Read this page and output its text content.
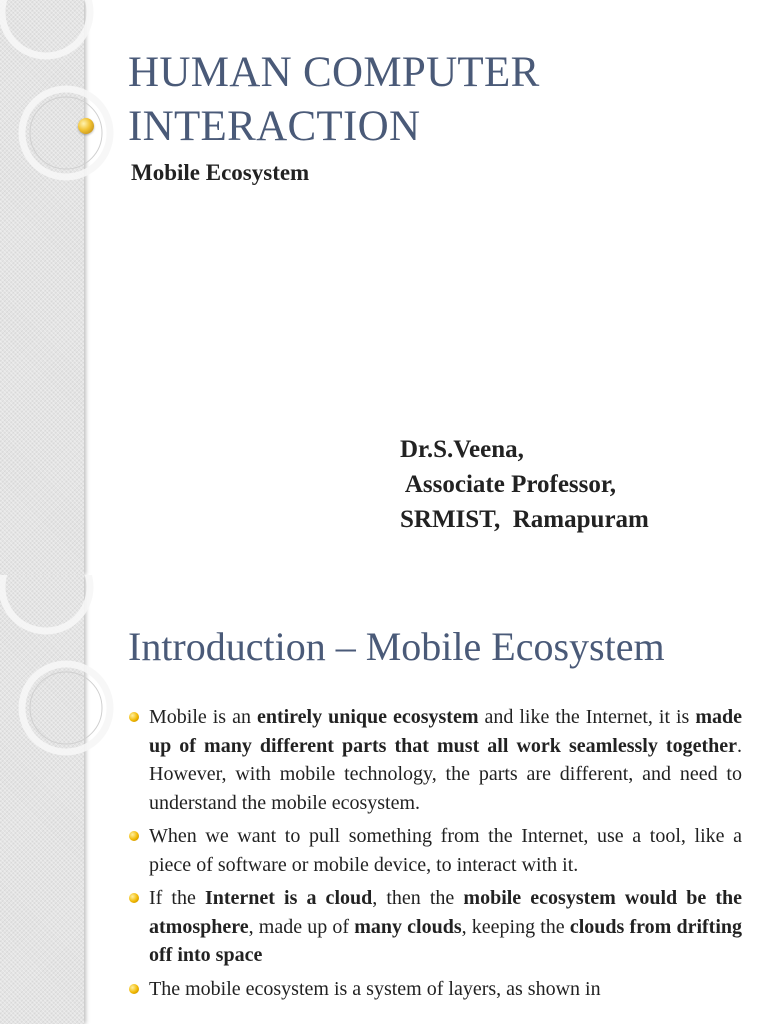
HUMAN COMPUTER INTERACTION

Mobile Ecosystem

Dr.S.Veena,
Associate Professor,
SRMIST,  Ramapuram
Introduction – Mobile Ecosystem
Mobile is an entirely unique ecosystem and like the Internet, it is made up of many different parts that must all work seamlessly together. However, with mobile technology, the parts are different, and need to understand the mobile ecosystem.
When we want to pull something from the Internet, use a tool, like a piece of software or mobile device, to interact with it.
If the Internet is a cloud, then the mobile ecosystem would be the atmosphere, made up of many clouds, keeping the clouds from drifting off into space
The mobile ecosystem is a system of layers, as shown in
